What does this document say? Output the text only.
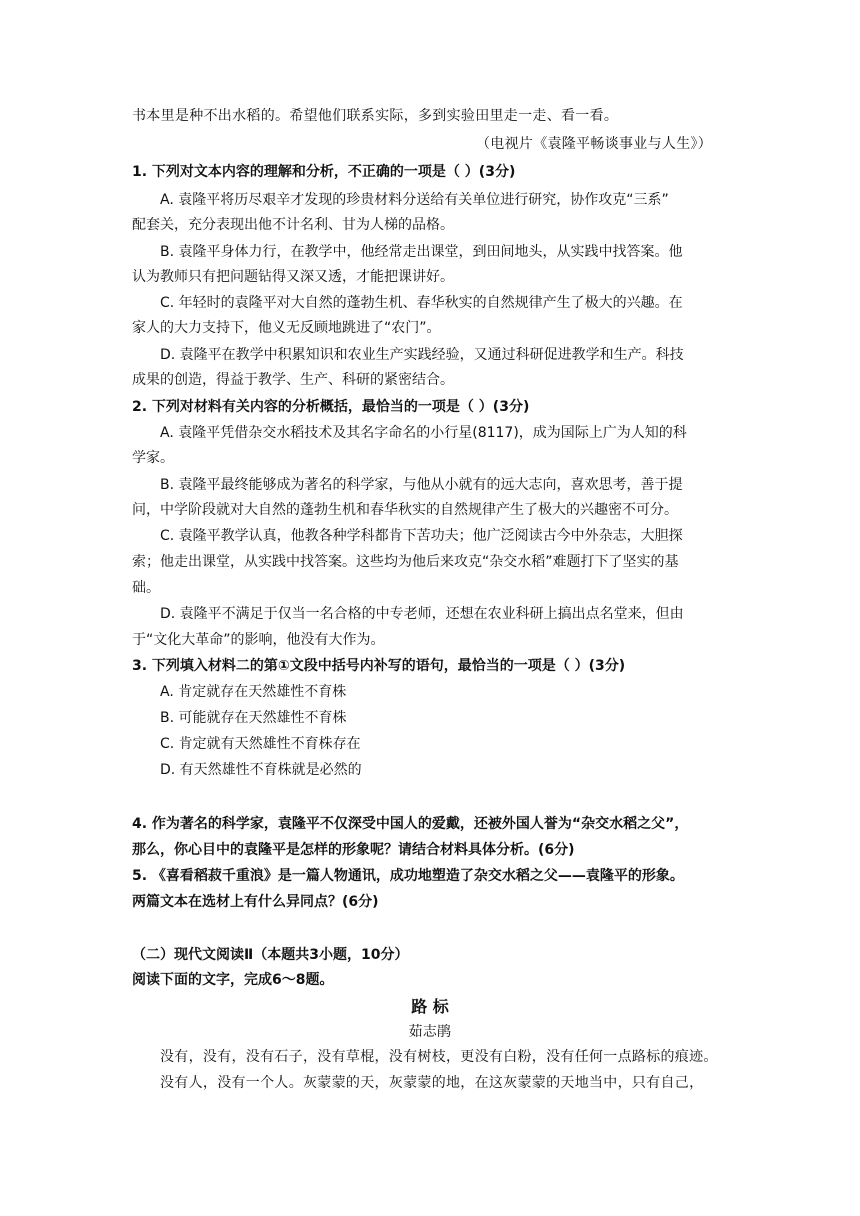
书本里是种不出水稻的。希望他们联系实际，多到实验田里走一走、看一看。
（电视片《袁隆平畅谈事业与人生》）
1. 下列对文本内容的理解和分析，不正确的一项是（ ）(3分)
A. 袁隆平将历尽艰辛才发现的珍贵材料分送给有关单位进行研究，协作攻克“三系”
配套关，充分表现出他不计名利、甘为人梯的品格。
B. 袁隆平身体力行，在教学中，他经常走出课堂，到田间地头，从实践中找答案。他
认为教师只有把问题钻得又深又透，才能把课讲好。
C. 年轻时的袁隆平对大自然的蓬勃生机、春华秋实的自然规律产生了极大的兴趣。在
家人的大力支持下，他义无反顾地跳进了“农门”。
D. 袁隆平在教学中积累知识和农业生产实践经验，又通过科研促进教学和生产。科技
成果的创造，得益于教学、生产、科研的紧密结合。
2. 下列对材料有关内容的分析概括，最恰当的一项是（ ）(3分)
A. 袁隆平凭借杂交水稻技术及其名字命名的小行星(8117)，成为国际上广为人知的科
学家。
B. 袁隆平最终能够成为著名的科学家，与他从小就有的远大志向，喜欢思考，善于提
问，中学阶段就对大自然的蓬勃生机和春华秋实的自然规律产生了极大的兴趣密不可分。
C. 袁隆平教学认真，他教各种学科都肯下苦功夫；他广泛阅读古今中外杂志，大胆探
索；他走出课堂，从实践中找答案。这些均为他后来攻克“杂交水稻”难题打下了坚实的基
础。
D. 袁隆平不满足于仅当一名合格的中专老师，还想在农业科研上搞出点名堂来，但由
于“文化大革命”的影响，他没有大作为。
3. 下列填入材料二的第①文段中括号内补写的语句，最恰当的一项是（ ）(3分)
A. 肯定就存在天然雄性不育株
B. 可能就存在天然雄性不育株
C. 肯定就有天然雄性不育株存在
D. 有天然雄性不育株就是必然的
4. 作为著名的科学家，袁隆平不仅深受中国人的爱戴，还被外国人誉为“杂交水稻之父”，
那么，你心目中的袁隆平是怎样的形象呢？请结合材料具体分析。(6分)
5. 《喜看稻菽千重浪》是一篇人物通讯，成功地塑造了杂交水稻之父——袁隆平的形象。
两篇文本在选材上有什么异同点？(6分)
（二）现代文阅读Ⅱ（本题共3小题，10分）
阅读下面的文字，完成6～8题。
路 标
茹志鹃
没有，没有，没有石子，没有草棍，没有树枝，更没有白粉，没有任何一点路标的痕迹。
没有人，没有一个人。灰蒙蒙的天，灰蒙蒙的地，在这灰蒙蒙的天地当中，只有自己，
